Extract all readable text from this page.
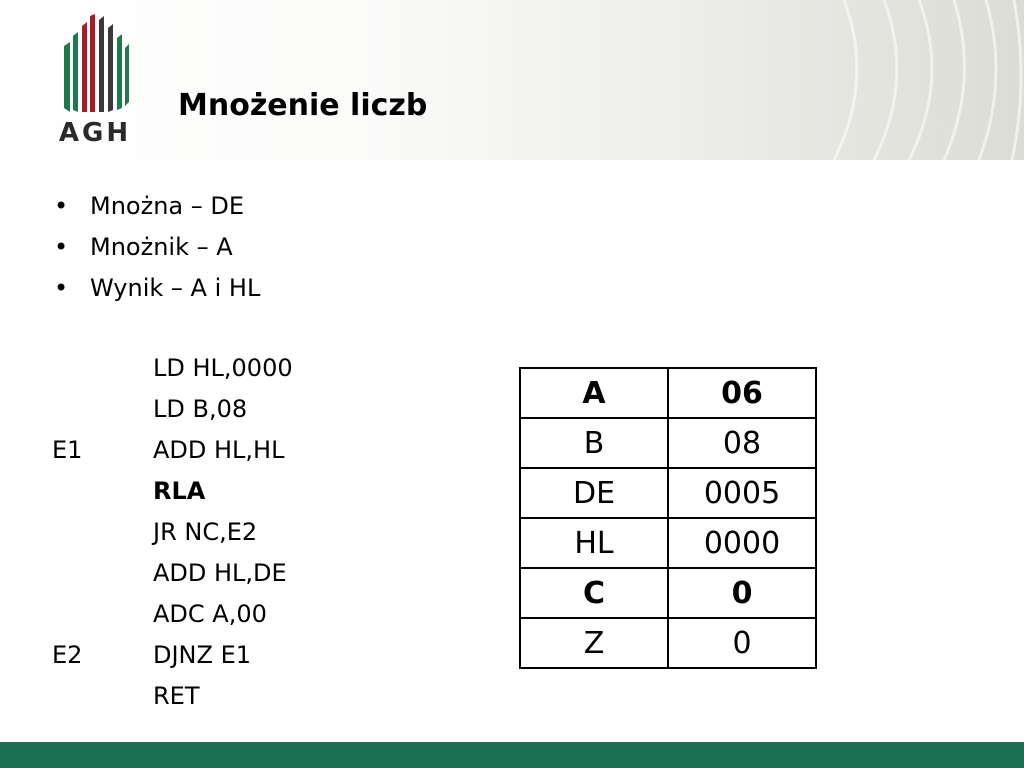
AGH
Mnożenie liczb
• Mnożna – DE
• Mnożnik – A
• Wynik – A i HL
LD HL,0000
LD B,08
E1	ADD HL,HL
RLA
JR NC,E2
ADD HL,DE
ADC A,00
E2	DJNZ E1
RET
A	06
B	08
DE	0005
HL	0000
C	0
Z	0
